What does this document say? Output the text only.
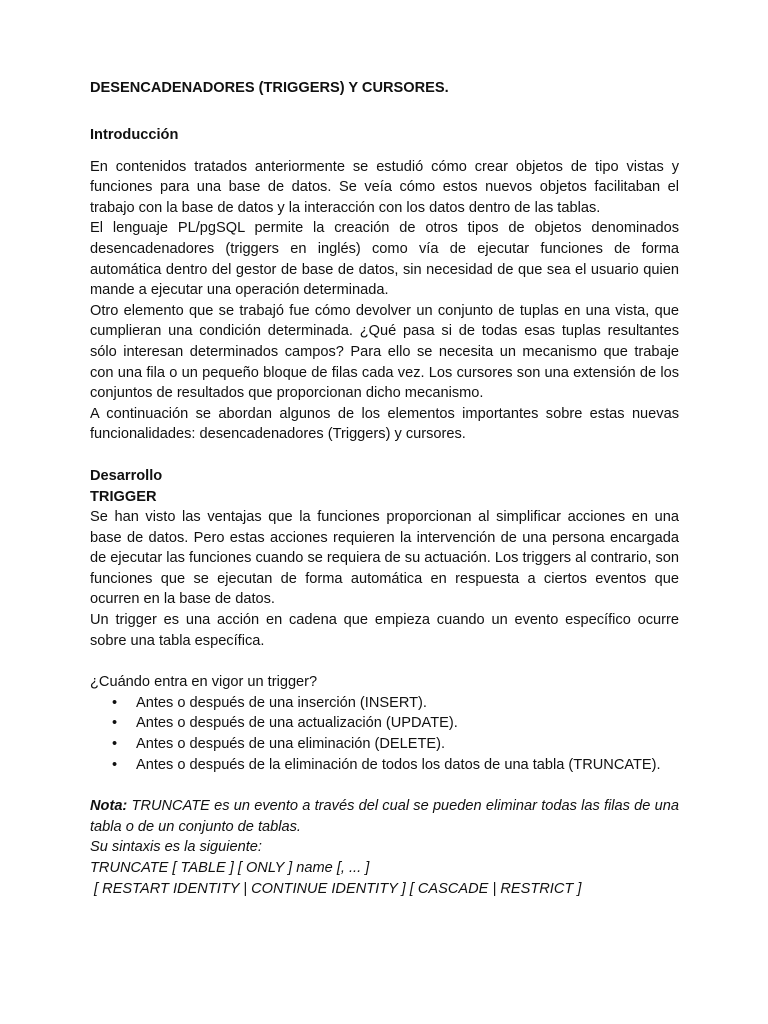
DESENCADENADORES (TRIGGERS) Y CURSORES.

Introducción

En contenidos tratados anteriormente se estudió cómo crear objetos de tipo vistas y funciones para una base de datos. Se veía cómo estos nuevos objetos facilitaban el trabajo con la base de datos y la interacción con los datos dentro de las tablas.

El lenguaje PL/pgSQL permite la creación de otros tipos de objetos denominados desencadenadores (triggers en inglés) como vía de ejecutar funciones de forma automática dentro del gestor de base de datos, sin necesidad de que sea el usuario quien mande a ejecutar una operación determinada.

Otro elemento que se trabajó fue cómo devolver un conjunto de tuplas en una vista, que cumplieran una condición determinada. ¿Qué pasa si de todas esas tuplas resultantes sólo interesan determinados campos? Para ello se necesita un mecanismo que trabaje con una fila o un pequeño bloque de filas cada vez. Los cursores son una extensión de los conjuntos de resultados que proporcionan dicho mecanismo.

A continuación se abordan algunos de los elementos importantes sobre estas nuevas funcionalidades: desencadenadores (Triggers) y cursores.

Desarrollo

TRIGGER

Se han visto las ventajas que la funciones proporcionan al simplificar acciones en una base de datos. Pero estas acciones requieren la intervención de una persona encargada de ejecutar las funciones cuando se requiera de su actuación. Los triggers al contrario, son funciones que se ejecutan de forma automática en respuesta a ciertos eventos que ocurren en la base de datos.

Un trigger es una acción en cadena que empieza cuando un evento específico ocurre sobre una tabla específica.

¿Cuándo entra en vigor un trigger?

• Antes o después de una inserción (INSERT).
• Antes o después de una actualización (UPDATE).
• Antes o después de una eliminación (DELETE).
• Antes o después de la eliminación de todos los datos de una tabla (TRUNCATE).

Nota: TRUNCATE es un evento a través del cual se pueden eliminar todas las filas de una tabla o de un conjunto de tablas.

Su sintaxis es la siguiente:

TRUNCATE [ TABLE ] [ ONLY ] name [, ... ]

[ RESTART IDENTITY | CONTINUE IDENTITY ] [ CASCADE | RESTRICT ]
